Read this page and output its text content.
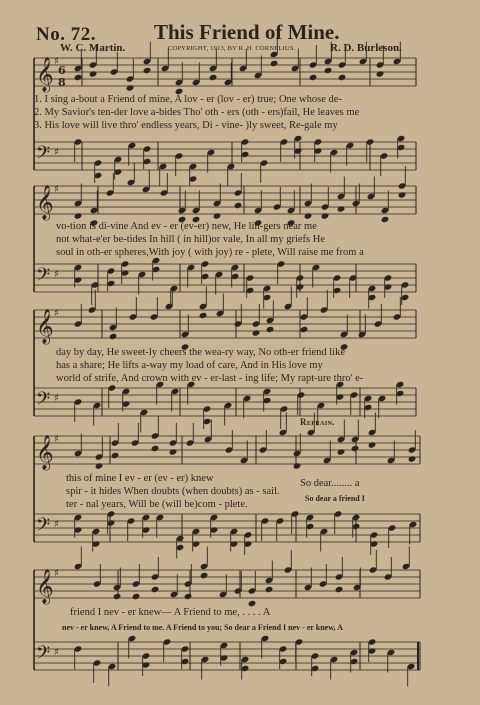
𝄞 ♯
𝄢 ♯
𝄞 ♯
𝄢 ♯
𝄞 ♯
𝄢 ♯
𝄞 ♯
𝄢 ♯
𝄞 ♯
𝄢 ♯
6
8
No. 72.	This Friend of Mine.
W. C. Martin.	COPYRIGHT, 1913, BY R. H. CORNELIUS.	R. D. Burleson.
1. I sing a-bout a Friend of mine, A lov - er (lov - er) true; One whose de-
2. My Savior's ten-der love a-bides Tho' oth - ers (oth - ers)fail, He leaves me
3. His love will live thro' endless years, Di - vine- )ly sweet, Re-gale my
vo-tion is di-vine And ev - er (ev-er) new, He lin-gers near me
not what-e'er be-tides In hill ( in hill)or vale, In all my griefs He
soul in oth-er spheres,With joy ( with joy) re - plete, Will raise me from a
day by day, He sweet-ly cheers the wea-ry way, No oth-er friend like
has a share; He lifts a-way my load of care, And in His love my
world of strife, And crown with ev - er-last - ing life; My rapt-ure thro' e-
Refrain.
this of mine I ev - er (ev - er) knew
spir - it hides When doubts (when doubts) as - sail.
ter - nal years, Will be (will be)com - plete.
So dear........ a
So dear a friend I
friend I nev - er knew— A Friend to me, . . . . A
nev - er knew, A Friend to me. A Friend to you; So dear a Friend I nev - er knew, A
